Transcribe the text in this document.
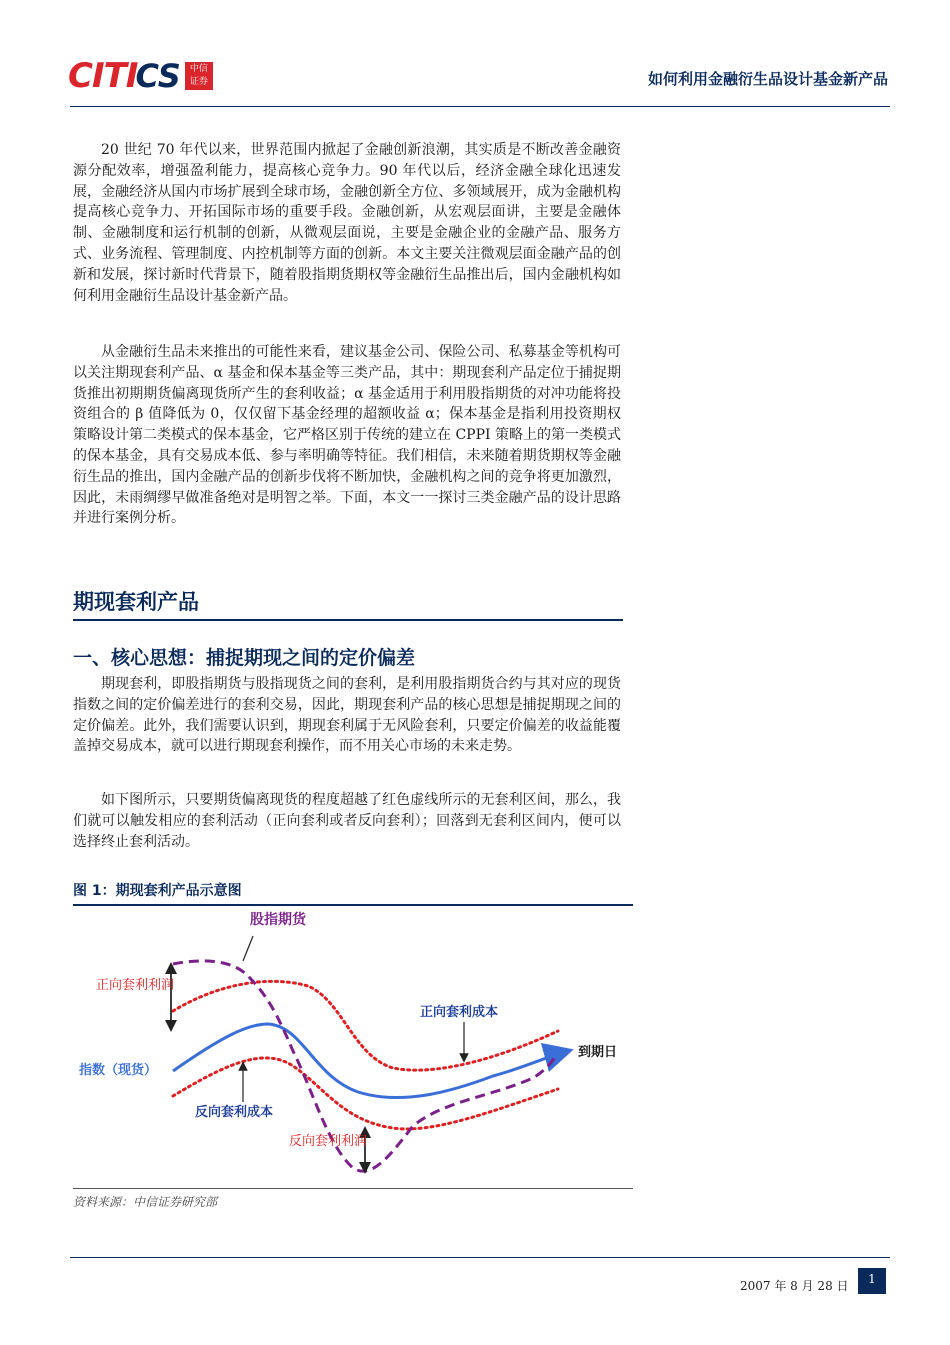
CITI
CS 中信
证券	如何利用金融衍生品设计基金新产品

20 世纪 70 年代以来，世界范围内掀起了金融创新浪潮，其实质是不断改善金融资源分配效率，增强盈利能力，提高核心竞争力。90 年代以后，经济金融全球化迅速发展，金融经济从国内市场扩展到全球市场，金融创新全方位、多领域展开，成为金融机构提高核心竞争力、开拓国际市场的重要手段。金融创新，从宏观层面讲，主要是金融体制、金融制度和运行机制的创新，从微观层面说，主要是金融企业的金融产品、服务方式、业务流程、管理制度、内控机制等方面的创新。本文主要关注微观层面金融产品的创新和发展，探讨新时代背景下，随着股指期货期权等金融衍生品推出后，国内金融机构如何利用金融衍生品设计基金新产品。

从金融衍生品未来推出的可能性来看，建议基金公司、保险公司、私募基金等机构可以关注期现套利产品、α 基金和保本基金等三类产品，其中：期现套利产品定位于捕捉期货推出初期期货偏离现货所产生的套利收益；α 基金适用于利用股指期货的对冲功能将投资组合的 β 值降低为 0，仅仅留下基金经理的超额收益 α；保本基金是指利用投资期权策略设计第二类模式的保本基金，它严格区别于传统的建立在 CPPI 策略上的第一类模式的保本基金，具有交易成本低、参与率明确等特征。我们相信，未来随着期货期权等金融衍生品的推出，国内金融产品的创新步伐将不断加快，金融机构之间的竞争将更加激烈，因此，未雨绸缪早做准备绝对是明智之举。下面，本文一一探讨三类金融产品的设计思路并进行案例分析。

期现套利产品
一、核心思想：捕捉期现之间的定价偏差

期现套利，即股指期货与股指现货之间的套利，是利用股指期货合约与其对应的现货指数之间的定价偏差进行的套利交易，因此，期现套利产品的核心思想是捕捉期现之间的定价偏差。此外，我们需要认识到，期现套利属于无风险套利，只要定价偏差的收益能覆盖掉交易成本，就可以进行期现套利操作，而不用关心市场的未来走势。

如下图所示，只要期货偏离现货的程度超越了红色虚线所示的无套利区间，那么，我们就可以触发相应的套利活动（正向套利或者反向套利）；回落到无套利区间内，便可以选择终止套利活动。

图 1：期现套利产品示意图
股指期货
正向套利利润
正向套利成本
指数（现货）
到期日
反向套利成本
反向套利利润
资料来源：中信证券研究部
2007 年 8 月 28 日	1
